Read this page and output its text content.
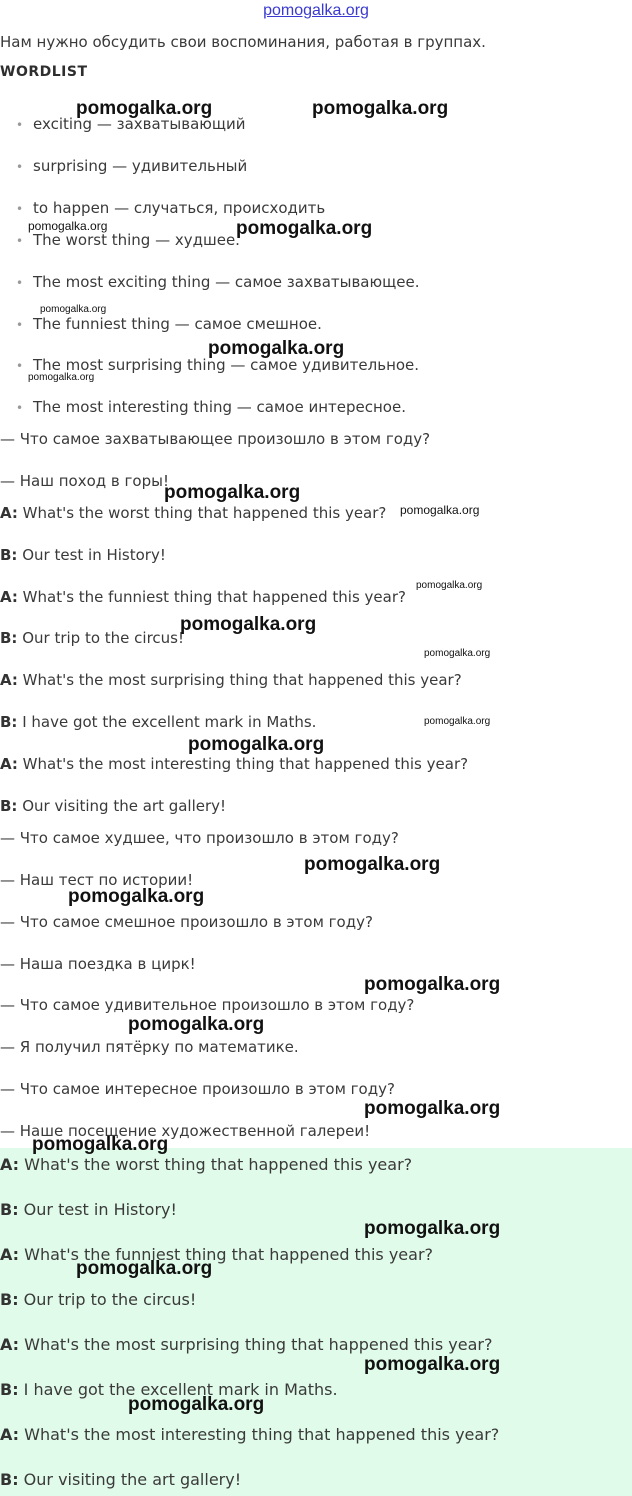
pomogalka.org
Нам нужно обсудить свои воспоминания, работая в группах.
WORDLIST
• exciting — захватывающий
• surprising — удивительный
• to happen — случаться, происходить
• The worst thing — худшее.
• The most exciting thing — самое захватывающее.
• The funniest thing — самое смешное.
• The most surprising thing — самое удивительное.
• The most interesting thing — самое интересное.
— Что самое захватывающее произошло в этом году?
— Наш поход в горы!
A: What's the worst thing that happened this year?
B: Our test in History!
A: What's the funniest thing that happened this year?
B: Our trip to the circus!
A: What's the most surprising thing that happened this year?
B: I have got the excellent mark in Maths.
A: What's the most interesting thing that happened this year?
B: Our visiting the art gallery!
— Что самое худшее, что произошло в этом году?
— Наш тест по истории!
— Что самое смешное произошло в этом году?
— Наша поездка в цирк!
— Что самое удивительное произошло в этом году?
— Я получил пятёрку по математике.
— Что самое интересное произошло в этом году?
— Наше посещение художественной галереи!
A: What's the worst thing that happened this year?
B: Our test in History!
A: What's the funniest thing that happened this year?
B: Our trip to the circus!
A: What's the most surprising thing that happened this year?
B: I have got the excellent mark in Maths.
A: What's the most interesting thing that happened this year?
B: Our visiting the art gallery!
pomogalka.org	pomogalka.org
pomogalka.org	pomogalka.org
pomogalka.org
pomogalka.org
pomogalka.org
pomogalka.org
pomogalka.org
pomogalka.org
pomogalka.org
pomogalka.org
pomogalka.org
pomogalka.org
pomogalka.org
pomogalka.org
pomogalka.org
pomogalka.org
pomogalka.org
pomogalka.org
pomogalka.org
pomogalka.org
pomogalka.org
pomogalka.org
